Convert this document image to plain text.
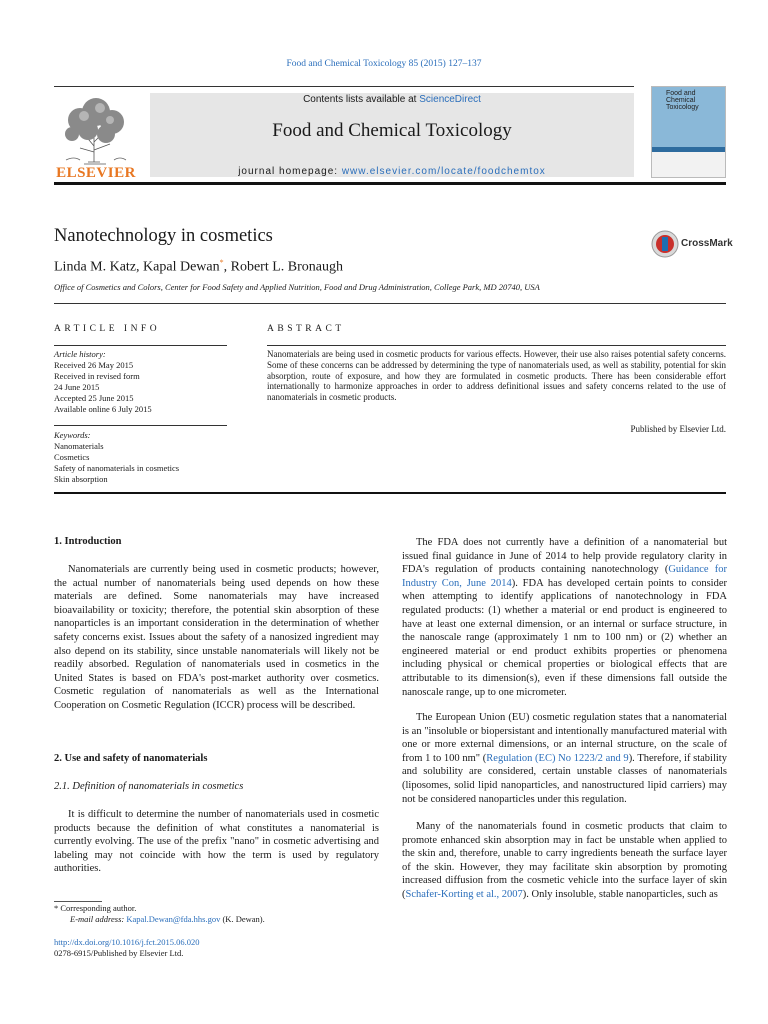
Food and Chemical Toxicology 85 (2015) 127–137
ELSEVIER
Contents lists available at ScienceDirect
Food and Chemical Toxicology
journal homepage: www.elsevier.com/locate/foodchemtox
Food and Chemical Toxicology
Nanotechnology in cosmetics	CrossMark
Linda M. Katz, Kapal Dewan*, Robert L. Bronaugh
Office of Cosmetics and Colors, Center for Food Safety and Applied Nutrition, Food and Drug Administration, College Park, MD 20740, USA
ARTICLE INFO
Article history:
Received 26 May 2015
Received in revised form
24 June 2015
Accepted 25 June 2015
Available online 6 July 2015
Keywords:
Nanomaterials
Cosmetics
Safety of nanomaterials in cosmetics
Skin absorption
ABSTRACT
Nanomaterials are being used in cosmetic products for various effects. However, their use also raises potential safety concerns. Some of these concerns can be addressed by determining the type of nanomaterials used, as well as stability, potential for skin absorption, route of exposure, and how they are formulated in cosmetic products. There has been considerable effort internationally to harmonize approaches in order to address definitional issues and safety concerns related to the use of nanomaterials in cosmetic products.
Published by Elsevier Ltd.
1. Introduction

Nanomaterials are currently being used in cosmetic products; however, the actual number of nanomaterials being used depends on how these materials are defined. Some nanomaterials may have increased bioavailability or toxicity; therefore, the potential skin absorption of these nanoparticles is an important consideration in the determination of whether safety concerns exist. Issues about the safety of a nanosized ingredient may also depend on its stability, since unstable nanomaterials will likely not be readily absorbed. Regulation of nanomaterials used in cosmetics in the United States is based on FDA's post-market authority over cosmetics. Cosmetic regulation of nanomaterials as well as the International Cooperation on Cosmetic Regulation (ICCR) process will be described.

2. Use and safety of nanomaterials
2.1. Definition of nanomaterials in cosmetics

It is difficult to determine the number of nanomaterials used in cosmetic products because the definition of what constitutes a nanomaterial is currently evolving. The use of the prefix "nano" in cosmetic advertising and labeling may not coincide with how the term is used by regulatory authorities.

The FDA does not currently have a definition of a nanomaterial but issued final guidance in June of 2014 to help provide regulatory clarity in FDA's regulation of products containing nanotechnology (Guidance for Industry Con, June 2014). FDA has developed certain points to consider when attempting to identify applications of nanotechnology in FDA regulated products: (1) whether a material or end product is engineered to have at least one external dimension, or an internal or surface structure, in the nanoscale range (approximately 1 nm to 100 nm) or (2) whether an engineered material or end product exhibits properties or phenomena including physical or chemical properties or biological effects that are attributable to its dimension(s), even if these dimensions fall outside the nanoscale range, up to one micrometer.

The European Union (EU) cosmetic regulation states that a nanomaterial is an "insoluble or biopersistant and intentionally manufactured material with one or more external dimensions, or an internal structure, on the scale of from 1 to 100 nm" (Regulation (EC) No 1223/2 and 9). Therefore, if stability and solubility are considered, certain unstable classes of nanomaterials (liposomes, solid lipid nanoparticles, and nanostructured lipid carriers) may not be considered nanoparticles under this regulation.

Many of the nanomaterials found in cosmetic products that claim to promote enhanced skin absorption may in fact be unstable when applied to the skin and, therefore, unable to carry ingredients beneath the surface layer of the skin. However, they may facilitate skin absorption by promoting increased diffusion from the cosmetic vehicle into the surface layer of skin (Schafer-Korting et al., 2007). Only insoluble, stable nanoparticles, such as

* Corresponding author.
E-mail address: Kapal.Dewan@fda.hhs.gov (K. Dewan).
http://dx.doi.org/10.1016/j.fct.2015.06.020
0278-6915/Published by Elsevier Ltd.
